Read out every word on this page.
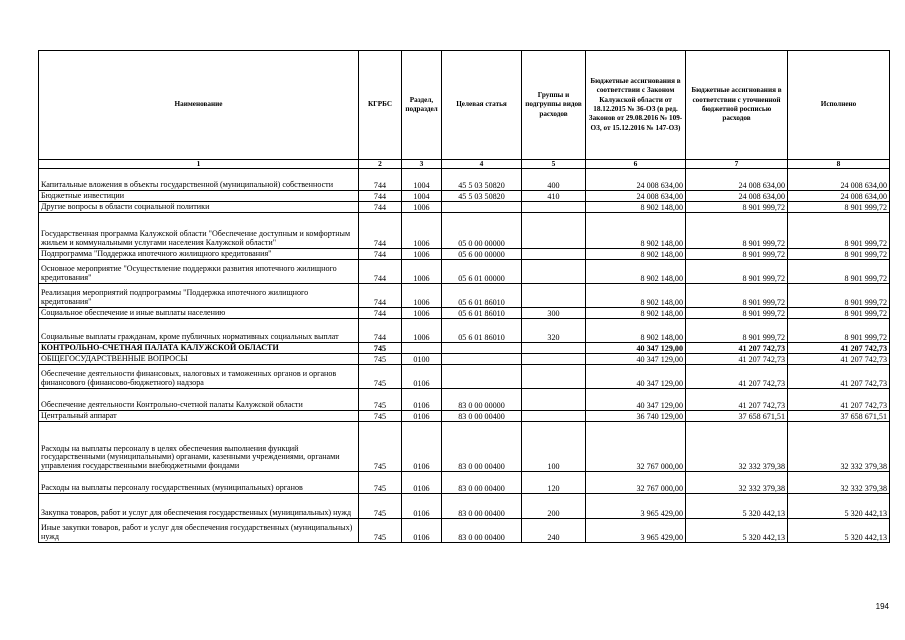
Наименование	КГРБС	Раздел, подраздел	Целевая статья	Группы и подгруппы видов расходов	Бюджетные ассигнования в соответствии с Законом Калужской области от 18.12.2015 № 36-ОЗ (в ред. Законов от 29.08.2016 № 109-ОЗ, от 15.12.2016 № 147-ОЗ)	Бюджетные ассигнования в соответствии с уточненной бюджетной росписью расходов	Исполнено
1	2	3	4	5	6	7	8
Капитальные вложения в объекты государственной (муниципальной) собственности	744	1004	45 5 03 50820	400	24 008 634,00	24 008 634,00	24 008 634,00
Бюджетные инвестиции	744	1004	45 5 03 50820	410	24 008 634,00	24 008 634,00	24 008 634,00
Другие вопросы в области социальной политики	744	1006			8 902 148,00	8 901 999,72	8 901 999,72
Государственная программа Калужской области "Обеспечение доступным и комфортным жильем и коммунальными услугами населения Калужской области"	744	1006	05 0 00 00000		8 902 148,00	8 901 999,72	8 901 999,72
Подпрограмма "Поддержка ипотечного жилищного кредитования"	744	1006	05 6 00 00000		8 902 148,00	8 901 999,72	8 901 999,72
Основное мероприятие "Осуществление поддержки развития ипотечного жилищного кредитования"	744	1006	05 6 01 00000		8 902 148,00	8 901 999,72	8 901 999,72
Реализация мероприятий подпрограммы "Поддержка ипотечного жилищного кредитования"	744	1006	05 6 01 86010		8 902 148,00	8 901 999,72	8 901 999,72
Социальное обеспечение и иные выплаты населению	744	1006	05 6 01 86010	300	8 902 148,00	8 901 999,72	8 901 999,72
Социальные выплаты гражданам, кроме публичных нормативных социальных выплат	744	1006	05 6 01 86010	320	8 902 148,00	8 901 999,72	8 901 999,72
КОНТРОЛЬНО-СЧЕТНАЯ ПАЛАТА КАЛУЖСКОЙ ОБЛАСТИ	745				40 347 129,00	41 207 742,73	41 207 742,73
ОБЩЕГОСУДАРСТВЕННЫЕ ВОПРОСЫ	745	0100			40 347 129,00	41 207 742,73	41 207 742,73
Обеспечение деятельности финансовых, налоговых и таможенных органов и органов финансового (финансово-бюджетного) надзора	745	0106			40 347 129,00	41 207 742,73	41 207 742,73
Обеспечение деятельности Контрольно-счетной палаты Калужской области	745	0106	83 0 00 00000		40 347 129,00	41 207 742,73	41 207 742,73
Центральный аппарат	745	0106	83 0 00 00400		36 740 129,00	37 658 671,51	37 658 671,51
Расходы на выплаты персоналу в целях обеспечения выполнения функций государственными (муниципальными) органами, казенными учреждениями, органами управления государственными внебюджетными фондами	745	0106	83 0 00 00400	100	32 767 000,00	32 332 379,38	32 332 379,38
Расходы на выплаты персоналу государственных (муниципальных) органов	745	0106	83 0 00 00400	120	32 767 000,00	32 332 379,38	32 332 379,38
Закупка товаров, работ и услуг для обеспечения государственных (муниципальных) нужд	745	0106	83 0 00 00400	200	3 965 429,00	5 320 442,13	5 320 442,13
Иные закупки товаров, работ и услуг для обеспечения государственных (муниципальных) нужд	745	0106	83 0 00 00400	240	3 965 429,00	5 320 442,13	5 320 442,13
194
